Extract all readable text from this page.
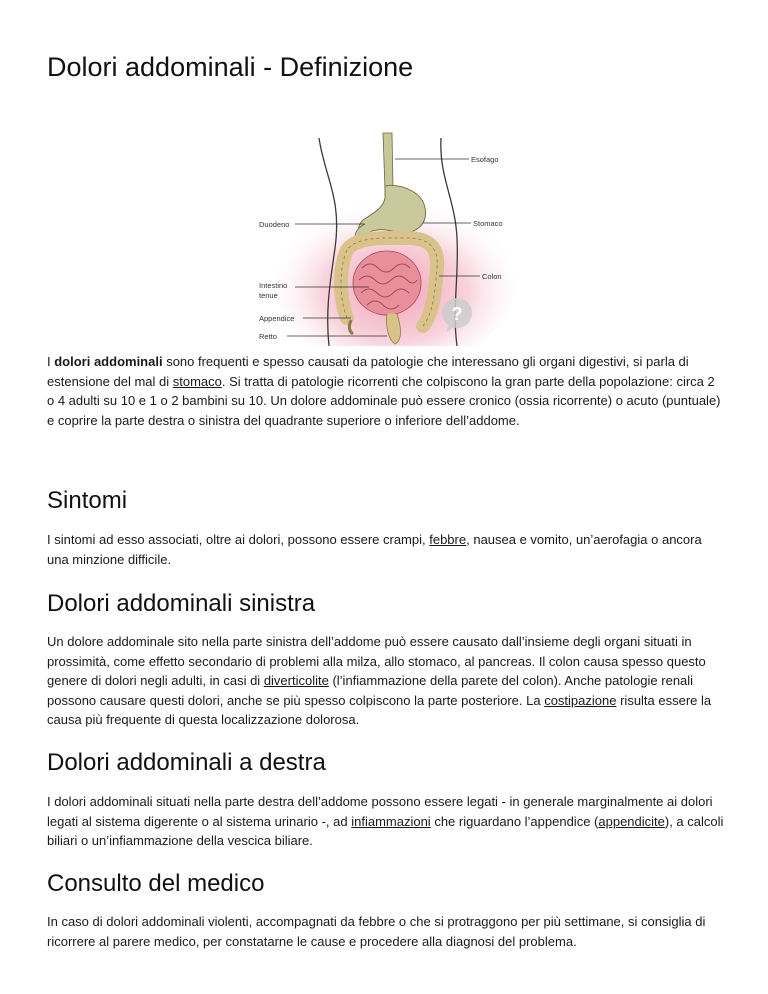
Dolori addominali - Definizione
?
Esofago
Duodeno	Stomaco
Colon
Intestino
tenue
Appendice
Retto

I dolori addominali sono frequenti e spesso causati da patologie che interessano gli organi digestivi, si parla di estensione del mal di stomaco. Si tratta di patologie ricorrenti che colpiscono la gran parte della popolazione: circa 2 o 4 adulti su 10 e 1 o 2 bambini su 10. Un dolore addominale può essere cronico (ossia ricorrente) o acuto (puntuale) e coprire la parte destra o sinistra del quadrante superiore o inferiore dell’addome.

Sintomi

I sintomi ad esso associati, oltre ai dolori, possono essere crampi, febbre, nausea e vomito, un’aerofagia o ancora una minzione difficile.

Dolori addominali sinistra

Un dolore addominale sito nella parte sinistra dell’addome può essere causato dall’insieme degli organi situati in prossimità, come effetto secondario di problemi alla milza, allo stomaco, al pancreas. Il colon causa spesso questo genere di dolori negli adulti, in casi di diverticolite (l’infiammazione della parete del colon). Anche patologie renali possono causare questi dolori, anche se più spesso colpiscono la parte posteriore. La costipazione risulta essere la causa più frequente di questa localizzazione dolorosa.

Dolori addominali a destra

I dolori addominali situati nella parte destra dell’addome possono essere legati - in generale marginalmente ai dolori legati al sistema digerente o al sistema urinario -, ad infiammazioni che riguardano l’appendice (appendicite), a calcoli biliari o un’infiammazione della vescica biliare.

Consulto del medico

In caso di dolori addominali violenti, accompagnati da febbre o che si protraggono per più settimane, si consiglia di ricorrere al parere medico, per constatarne le cause e procedere alla diagnosi del problema.
